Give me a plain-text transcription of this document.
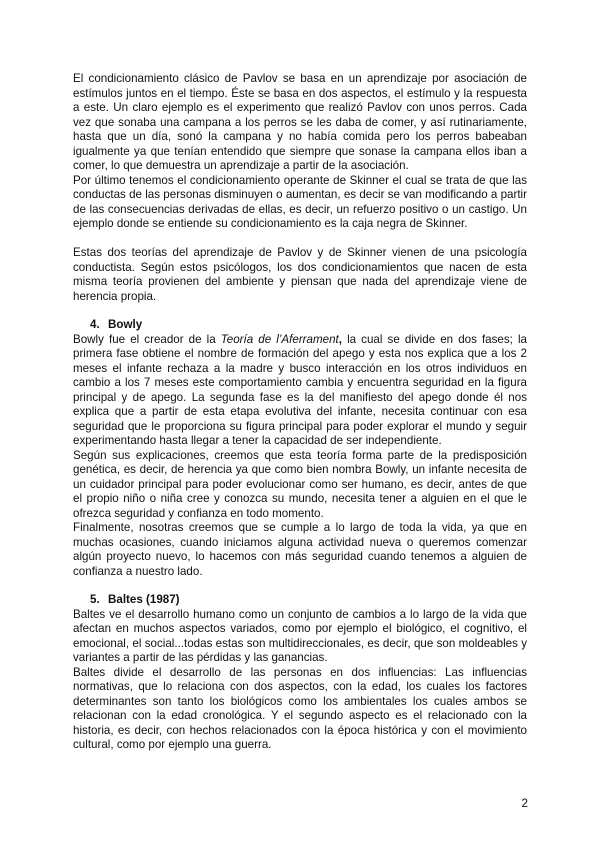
El condicionamiento clásico de Pavlov se basa en un aprendizaje por asociación de estímulos juntos en el tiempo. Éste se basa en dos aspectos, el estímulo y la respuesta a este. Un claro ejemplo es el experimento que realizó Pavlov con unos perros. Cada vez que sonaba una campana a los perros se les daba de comer, y así rutinariamente, hasta que un día, sonó la campana y no había comida pero los perros babeaban igualmente ya que tenían entendido que siempre que sonase la campana ellos iban a comer, lo que demuestra un aprendizaje a partir de la asociación.

Por último tenemos el condicionamiento operante de Skinner el cual se trata de que las conductas de las personas disminuyen o aumentan, es decir se van modificando a partir de las consecuencias derivadas de ellas, es decir, un refuerzo positivo o un castigo. Un ejemplo donde se entiende su condicionamiento es la caja negra de Skinner.

Estas dos teorías del aprendizaje de Pavlov y de Skinner vienen de una psicología conductista. Según estos psicólogos, los dos condicionamientos que nacen de esta misma teoría provienen del ambiente y piensan que nada del aprendizaje viene de herencia propia.

4. Bowly

Bowly fue el creador de la Teoría de l’Aferrament, la cual se divide en dos fases; la primera fase obtiene el nombre de formación del apego y esta nos explica que a los 2 meses el infante rechaza a la madre y busco interacción en los otros individuos en cambio a los 7 meses este comportamiento cambia y encuentra seguridad en la figura principal y de apego. La segunda fase es la del manifiesto del apego donde él nos explica que a partir de esta etapa evolutiva del infante, necesita continuar con esa seguridad que le proporciona su figura principal para poder explorar el mundo y seguir experimentando hasta llegar a tener la capacidad de ser independiente.

Según sus explicaciones, creemos que esta teoría forma parte de la predisposición genética, es decir, de herencia ya que como bien nombra Bowly, un infante necesita de un cuidador principal para poder evolucionar como ser humano, es decir, antes de que el propio niño o niña cree y conozca su mundo, necesita tener a alguien en el que le ofrezca seguridad y confianza en todo momento.

Finalmente, nosotras creemos que se cumple a lo largo de toda la vida, ya que en muchas ocasiones, cuando iniciamos alguna actividad nueva o queremos comenzar algún proyecto nuevo, lo hacemos con más seguridad cuando tenemos a alguien de confianza a nuestro lado.

5. Baltes (1987)

Baltes ve el desarrollo humano como un conjunto de cambios a lo largo de la vida que afectan en muchos aspectos variados, como por ejemplo el biológico, el cognitivo, el emocional, el social...todas estas son multidireccionales, es decir, que son moldeables y variantes a partir de las pérdidas y las ganancias.

Baltes divide el desarrollo de las personas en dos influencias: Las influencias normativas, que lo relaciona con dos aspectos, con la edad, los cuales los factores determinantes son tanto los biológicos como los ambientales los cuales ambos se relacionan con la edad cronológica. Y el segundo aspecto es el relacionado con la historia, es decir, con hechos relacionados con la época histórica y con el movimiento cultural, como por ejemplo una guerra.

2
